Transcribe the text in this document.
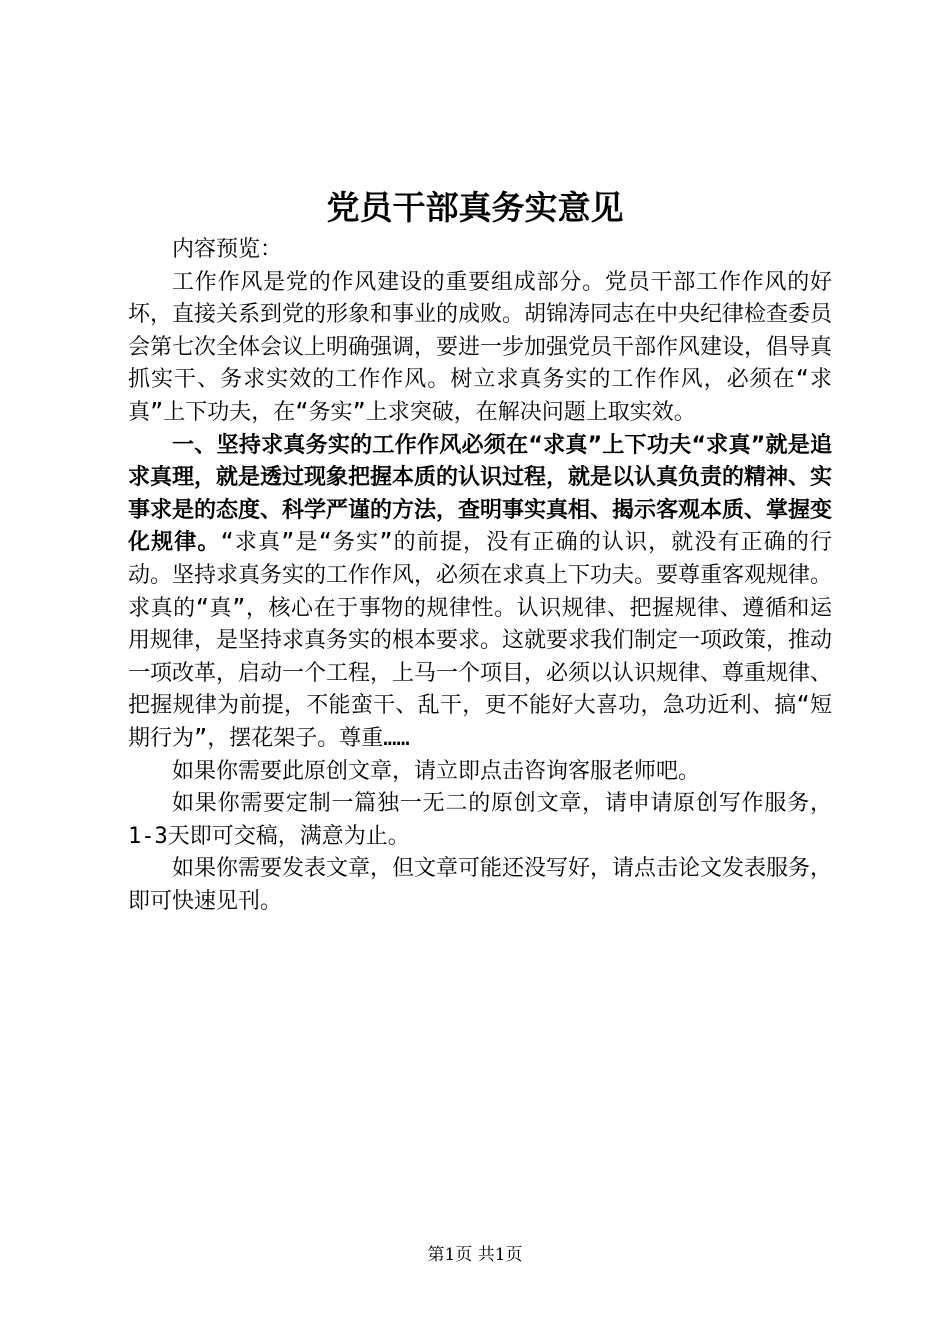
党员干部真务实意见

内容预览：

工作作风是党的作风建设的重要组成部分。党员干部工作作风的好坏，直接关系到党的形象和事业的成败。胡锦涛同志在中央纪律检查委员会第七次全体会议上明确强调，要进一步加强党员干部作风建设，倡导真抓实干、务求实效的工作作风。树立求真务实的工作作风，必须在“求真”上下功夫，在“务实”上求突破，在解决问题上取实效。

一、坚持求真务实的工作作风必须在“求真”上下功夫“求真”就是追求真理，就是透过现象把握本质的认识过程，就是以认真负责的精神、实事求是的态度、科学严谨的方法，查明事实真相、揭示客观本质、掌握变化规律。“求真”是“务实”的前提，没有正确的认识，就没有正确的行动。坚持求真务实的工作作风，必须在求真上下功夫。要尊重客观规律。求真的“真”，核心在于事物的规律性。认识规律、把握规律、遵循和运用规律，是坚持求真务实的根本要求。这就要求我们制定一项政策，推动一项改革，启动一个工程，上马一个项目，必须以认识规律、尊重规律、把握规律为前提，不能蛮干、乱干，更不能好大喜功，急功近利、搞“短期行为”，摆花架子。尊重……

如果你需要此原创文章，请立即点击咨询客服老师吧。

如果你需要定制一篇独一无二的原创文章，请申请原创写作服务，1-3天即可交稿，满意为止。

如果你需要发表文章，但文章可能还没写好，请点击论文发表服务，即可快速见刊。

第1页 共1页
